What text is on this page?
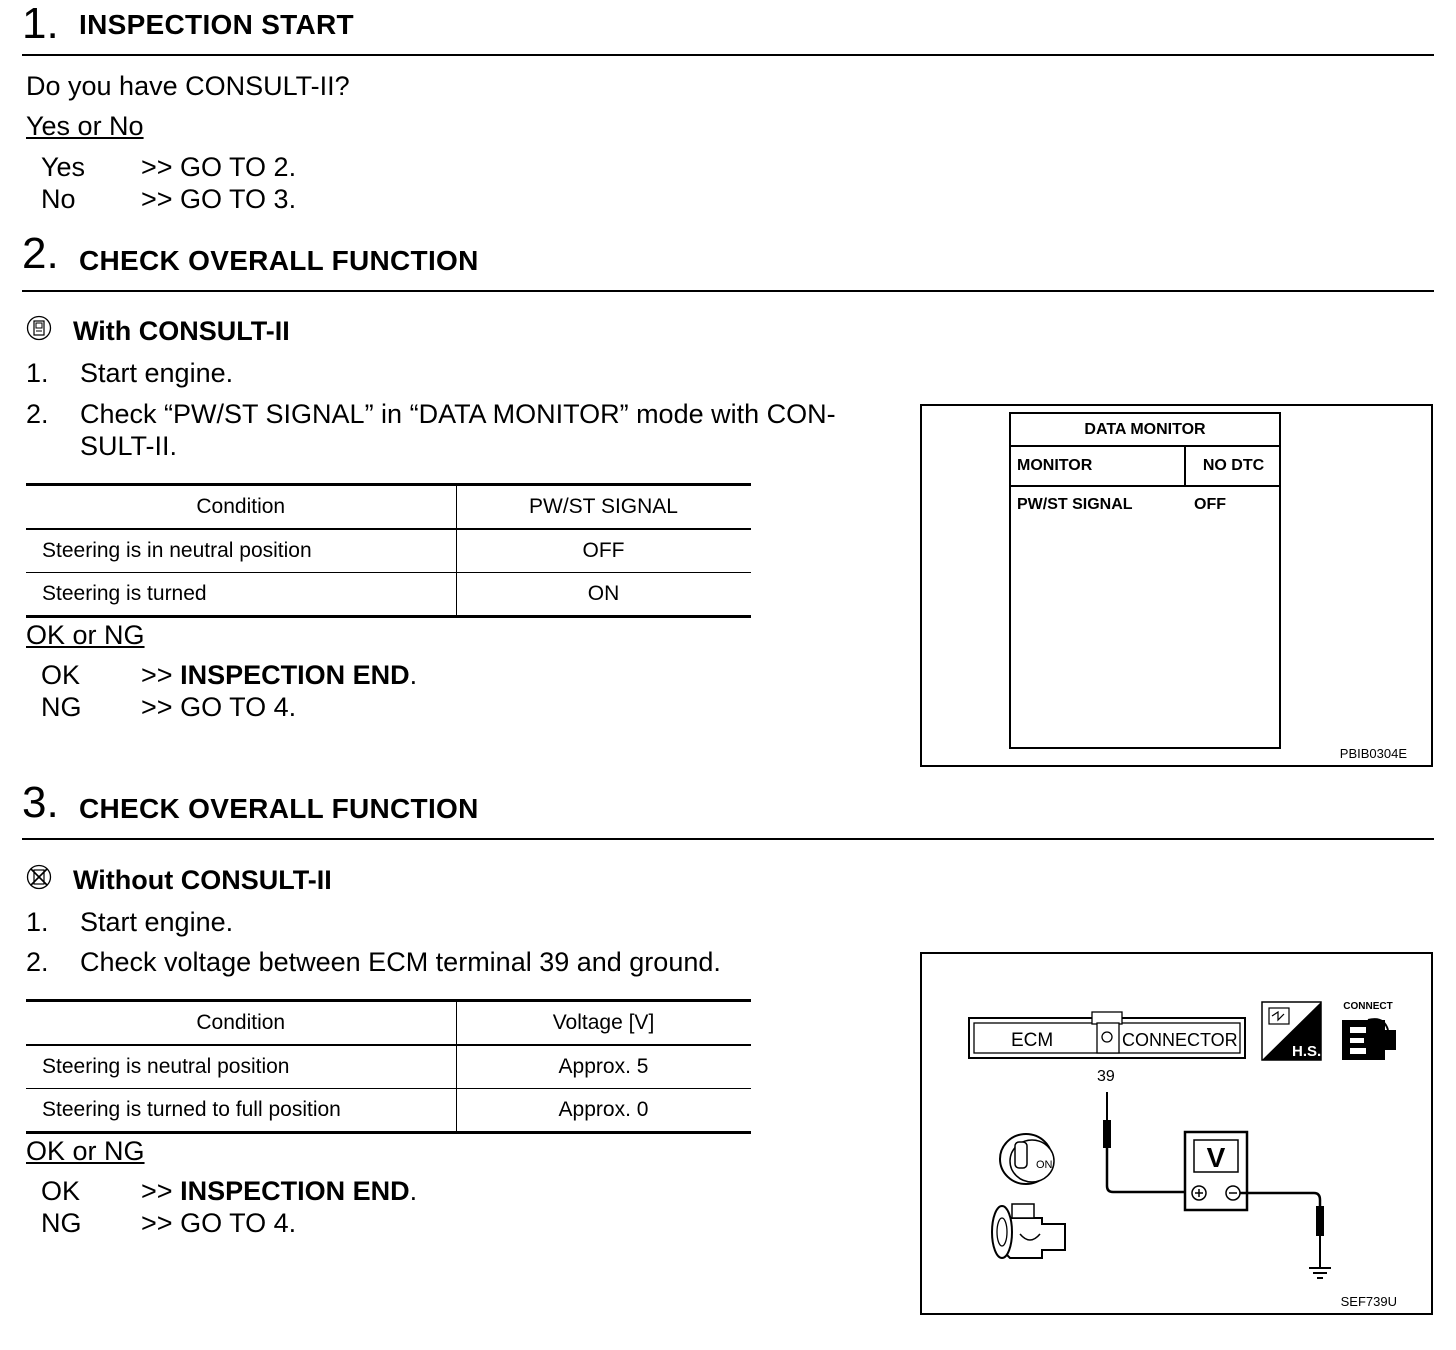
1. INSPECTION START
Do you have CONSULT-II?
Yes or No
Yes >> GO TO 2.
No >> GO TO 3.
2. CHECK OVERALL FUNCTION
With CONSULT-II
1. Start engine.
2. Check “PW/ST SIGNAL” in “DATA MONITOR” mode with CON-
SULT-II.
Condition	PW/ST SIGNAL
Steering is in neutral position	OFF
Steering is turned	ON
OK or NG
OK >> INSPECTION END.
NG >> GO TO 4.
DATA MONITOR
MONITOR	NO DTC
PW/ST SIGNAL	OFF
PBIB0304E
3. CHECK OVERALL FUNCTION
Without CONSULT-II
1. Start engine.
2. Check voltage between ECM terminal 39 and ground.
Condition	Voltage [V]
Steering is neutral position	Approx. 5
Steering is turned to full position	Approx. 0
OK or NG
OK >> INSPECTION END.
NG >> GO TO 4.
ECM	CONNECTOR
39
V
ON
H.S.
CONNECT
SEF739U
